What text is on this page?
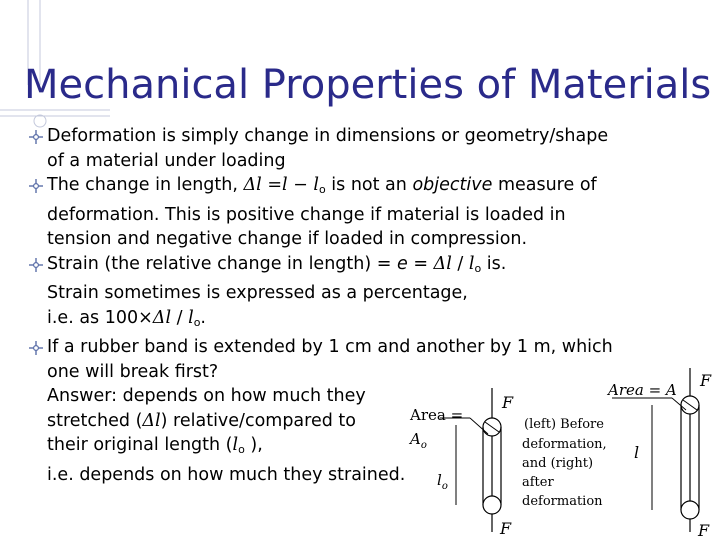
Mechanical Properties of Materials
Deformation is simply change in dimensions or geometry/shape
of a material under loading
The change in length, $\Delta l =l - l_o$ is not an objective measure of
deformation. This is positive change if material is loaded in
tension and negative change if loaded in compression.
Strain (the relative change in length) = $e = \Delta l / l_o$ is.
Strain sometimes is expressed as a percentage,
i.e. as $100\times\Delta l / l_o$.
If a rubber band is extended by 1 cm and another by 1 m, which
one will break first?
Answer: depends on how much they
stretched (Δl) relative/compared to
their original length ($l_o$ ),
i.e. depends on how much they strained.
Area =
$A_o$
F
F
$l_o$
(left) Before
deformation,
and (right)
after
deformation
Area = A F
F
l
